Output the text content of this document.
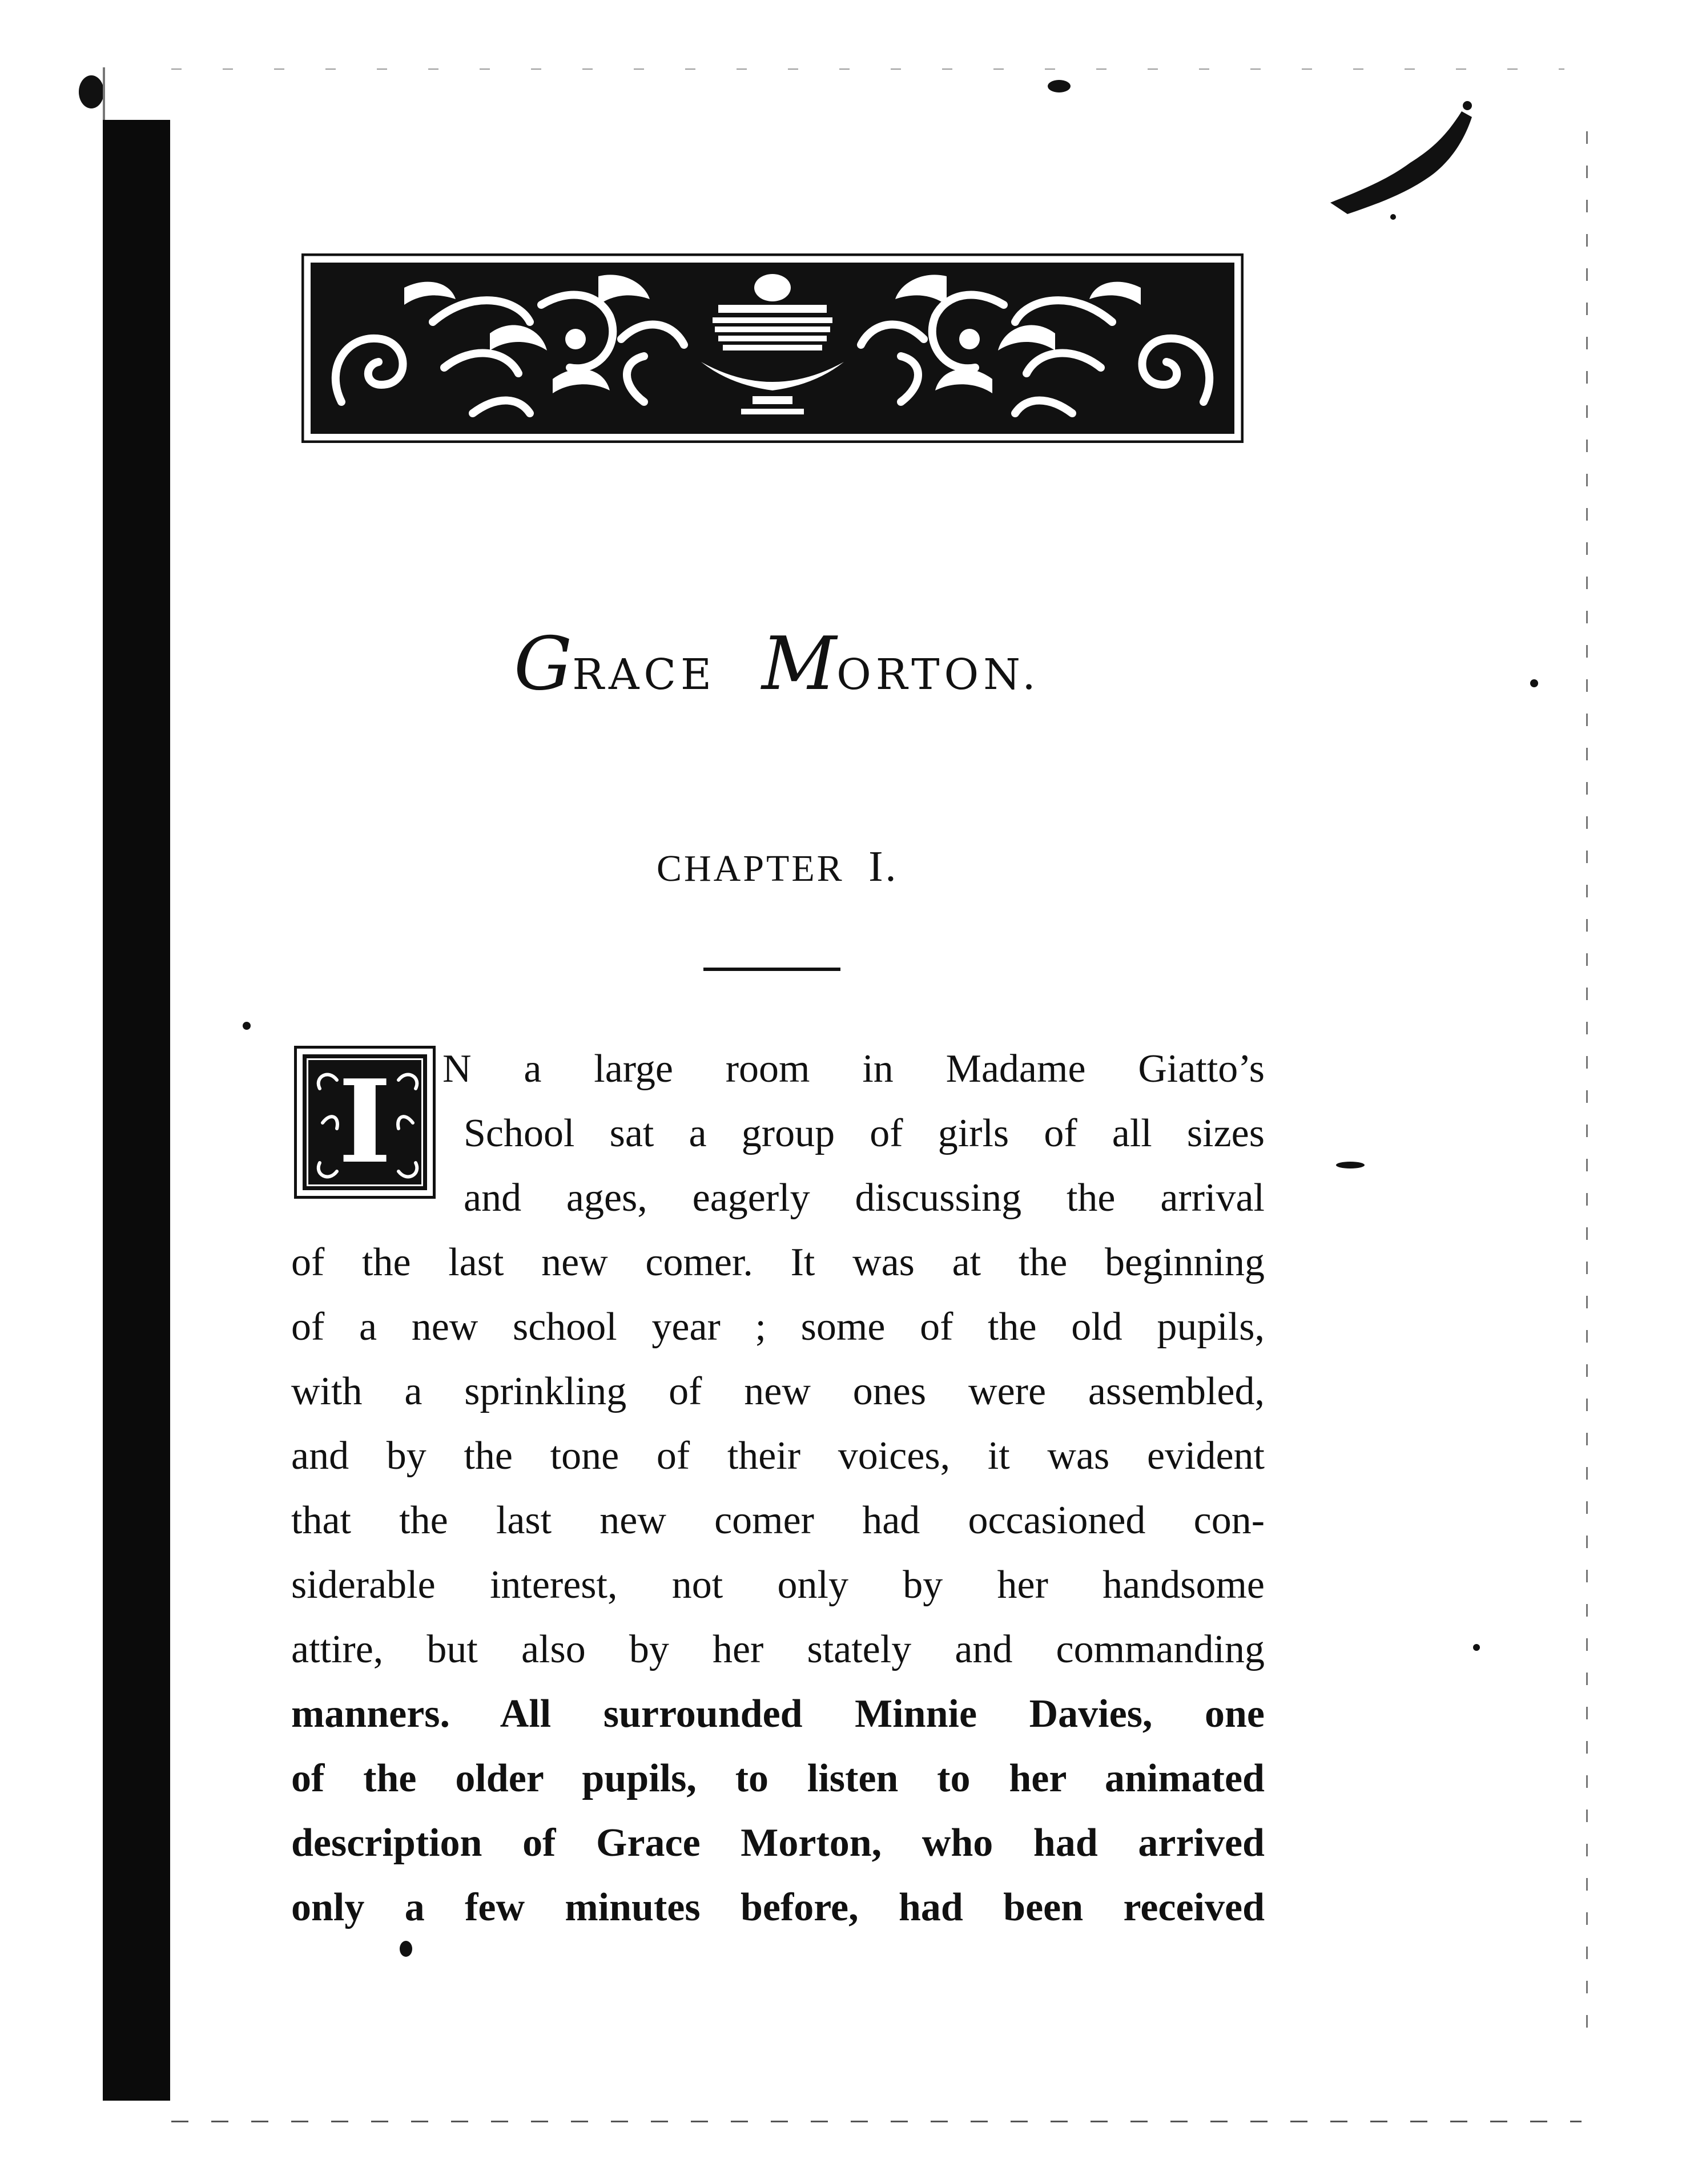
GRACE MORTON.
CHAPTER I.
I	N a large room in Madame Giatto’s
School sat a group of girls of all sizes
and ages, eagerly discussing the arrival
of the last new comer. It was at the beginning
of a new school year ; some of the old pupils,
with a sprinkling of new ones were assembled,
and by the tone of their voices, it was evident
that the last new comer had occasioned con-
siderable interest, not only by her handsome
attire, but also by her stately and commanding
manners. All surrounded Minnie Davies, one
of the older pupils, to listen to her animated
description of Grace Morton, who had arrived
only a few minutes before, had been received
